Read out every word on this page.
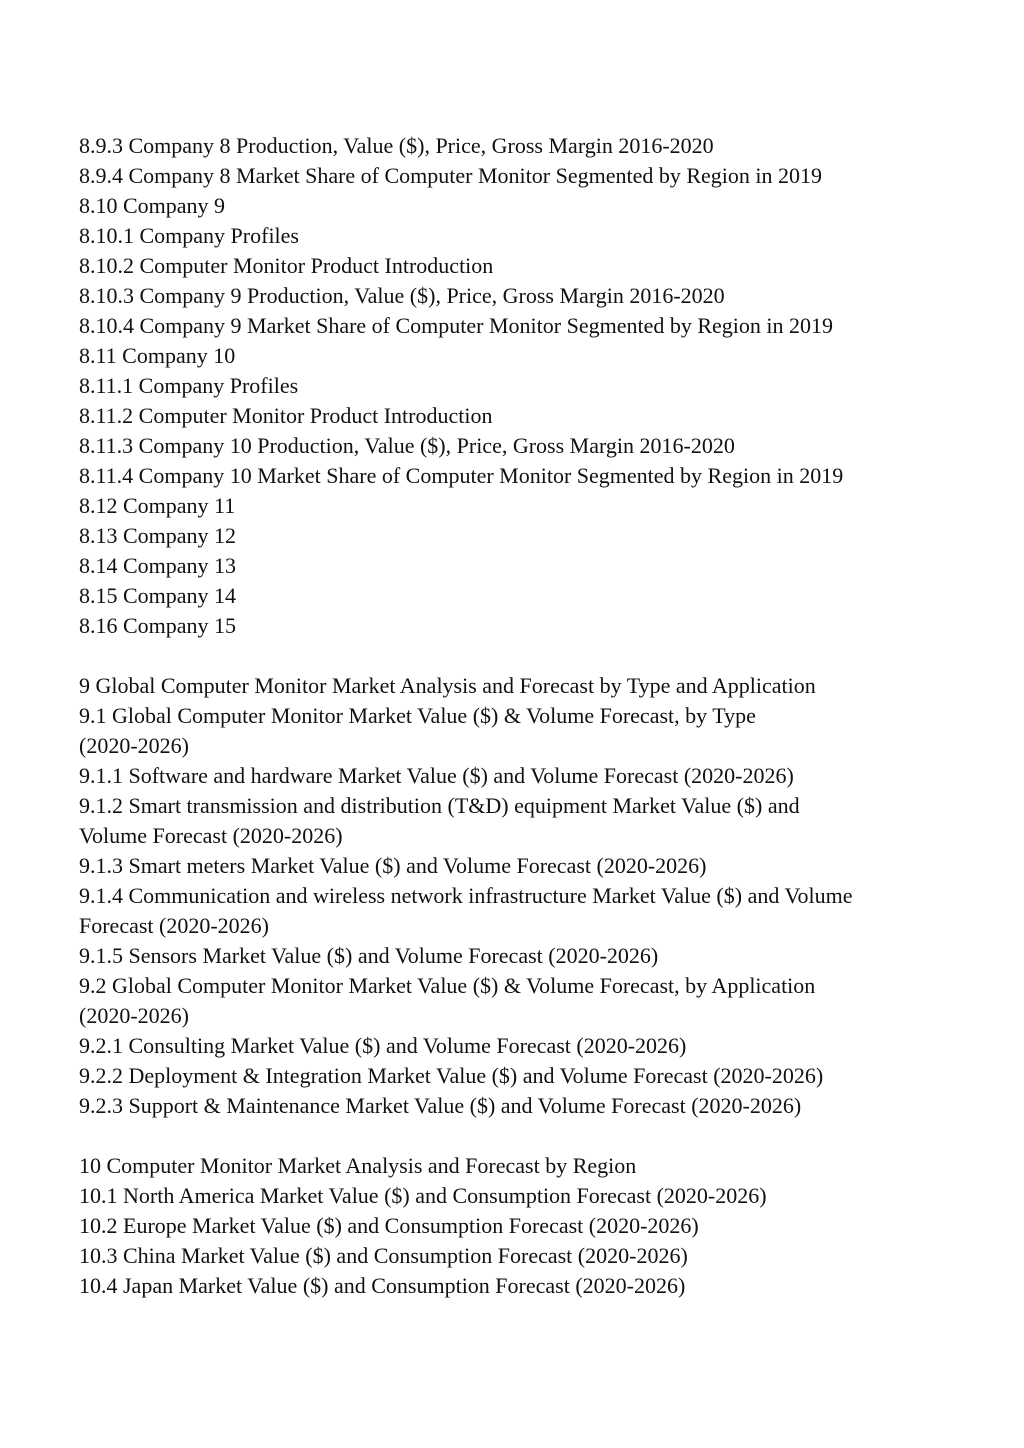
8.9.3 Company 8 Production, Value ($), Price, Gross Margin 2016-2020
8.9.4 Company 8 Market Share of Computer Monitor Segmented by Region in 2019
8.10 Company 9
8.10.1 Company Profiles
8.10.2 Computer Monitor Product Introduction
8.10.3 Company 9 Production, Value ($), Price, Gross Margin 2016-2020
8.10.4 Company 9 Market Share of Computer Monitor Segmented by Region in 2019
8.11 Company 10
8.11.1 Company Profiles
8.11.2 Computer Monitor Product Introduction
8.11.3 Company 10 Production, Value ($), Price, Gross Margin 2016-2020
8.11.4 Company 10 Market Share of Computer Monitor Segmented by Region in 2019
8.12 Company 11
8.13 Company 12
8.14 Company 13
8.15 Company 14
8.16 Company 15
9 Global Computer Monitor Market Analysis and Forecast by Type and Application
9.1 Global Computer Monitor Market Value ($) & Volume Forecast, by Type
(2020-2026)
9.1.1 Software and hardware Market Value ($) and Volume Forecast (2020-2026)
9.1.2 Smart transmission and distribution (T&D) equipment Market Value ($) and
Volume Forecast (2020-2026)
9.1.3 Smart meters Market Value ($) and Volume Forecast (2020-2026)
9.1.4 Communication and wireless network infrastructure Market Value ($) and Volume
Forecast (2020-2026)
9.1.5 Sensors Market Value ($) and Volume Forecast (2020-2026)
9.2 Global Computer Monitor Market Value ($) & Volume Forecast, by Application
(2020-2026)
9.2.1 Consulting Market Value ($) and Volume Forecast (2020-2026)
9.2.2 Deployment & Integration Market Value ($) and Volume Forecast (2020-2026)
9.2.3 Support & Maintenance Market Value ($) and Volume Forecast (2020-2026)
10 Computer Monitor Market Analysis and Forecast by Region
10.1 North America Market Value ($) and Consumption Forecast (2020-2026)
10.2 Europe Market Value ($) and Consumption Forecast (2020-2026)
10.3 China Market Value ($) and Consumption Forecast (2020-2026)
10.4 Japan Market Value ($) and Consumption Forecast (2020-2026)
